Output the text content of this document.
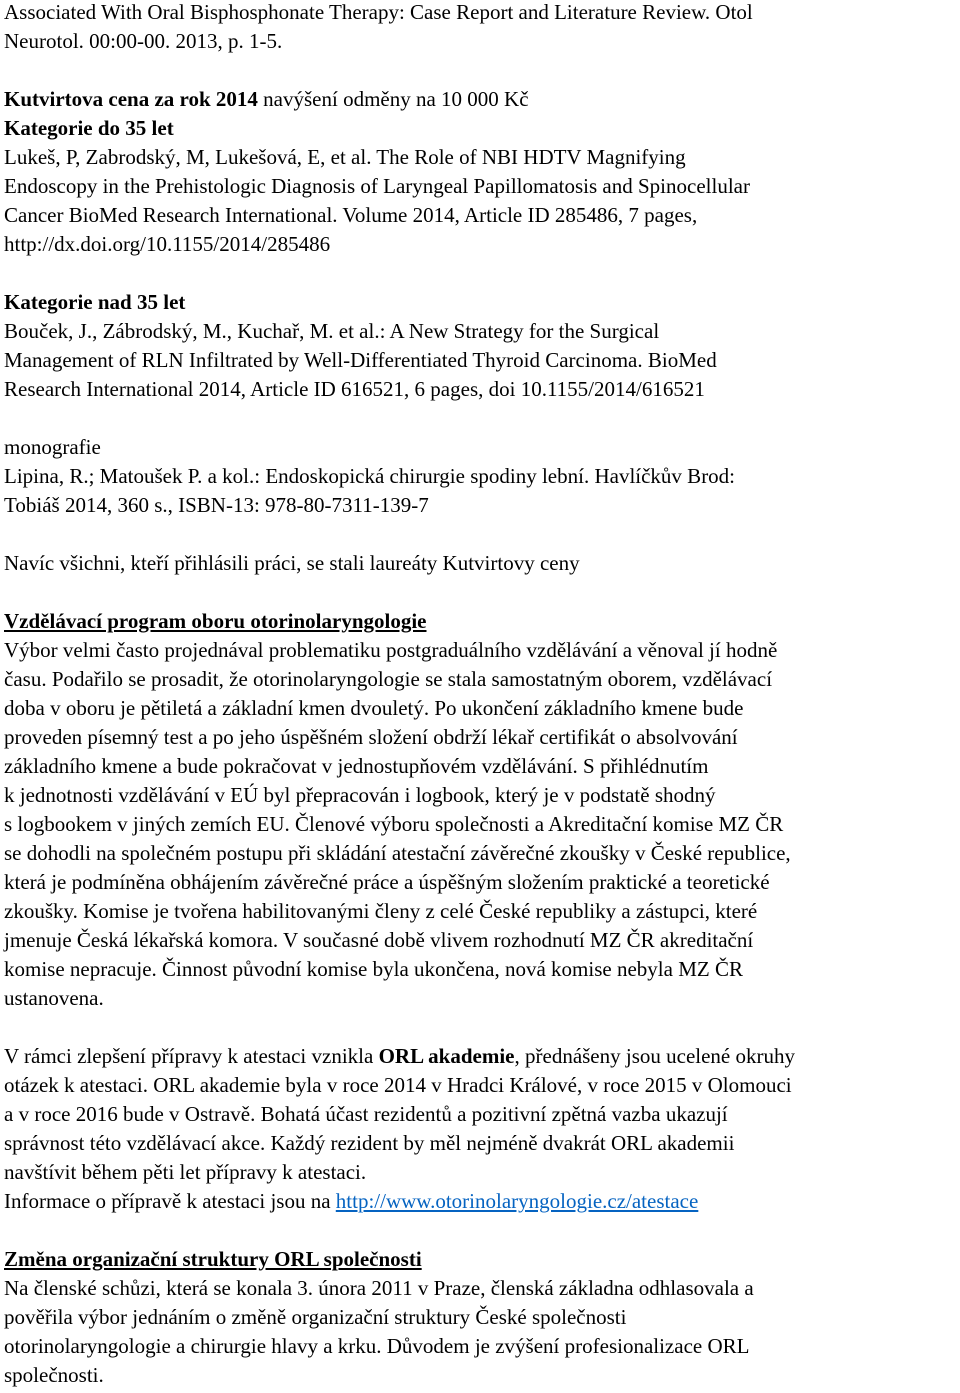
Associated With Oral Bisphosphonate Therapy: Case Report and Literature Review. Otol
Neurotol. 00:00-00. 2013, p. 1-5.
Kutvirtova cena za rok 2014 navýšení odměny na 10 000 Kč
Kategorie do 35 let
Lukeš, P, Zabrodský, M, Lukešová, E, et al. The Role of NBI HDTV Magnifying
Endoscopy in the Prehistologic Diagnosis of Laryngeal Papillomatosis and Spinocellular
Cancer BioMed Research International. Volume 2014, Article ID 285486, 7 pages,
http://dx.doi.org/10.1155/2014/285486
Kategorie nad 35 let
Bouček, J., Zábrodský, M., Kuchař, M. et al.: A New Strategy for the Surgical
Management of RLN Infiltrated by Well-Differentiated Thyroid Carcinoma. BioMed
Research International 2014, Article ID 616521, 6 pages, doi 10.1155/2014/616521
monografie
Lipina, R.; Matoušek P. a kol.: Endoskopická chirurgie spodiny lební. Havlíčkův Brod:
Tobiáš 2014, 360 s., ISBN-13: 978-80-7311-139-7
Navíc všichni, kteří přihlásili práci, se stali laureáty Kutvirtovy ceny
Vzdělávací program oboru otorinolaryngologie
Výbor velmi často projednával problematiku postgraduálního vzdělávání a věnoval jí hodně
času. Podařilo se prosadit, že otorinolaryngologie se stala samostatným oborem, vzdělávací
doba v oboru je pětiletá a základní kmen dvouletý. Po ukončení základního kmene bude
proveden písemný test a po jeho úspěšném složení obdrží lékař certifikát o absolvování
základního kmene a bude pokračovat v jednostupňovém vzdělávání. S přihlédnutím
k jednotnosti vzdělávání v EÚ byl přepracován i logbook, který je v podstatě shodný
s logbookem v jiných zemích EU. Členové výboru společnosti a Akreditační komise MZ ČR
se dohodli na společném postupu při skládání atestační závěrečné zkoušky v České republice,
která je podmíněna obhájením závěrečné práce a úspěšným složením praktické a teoretické
zkoušky. Komise je tvořena habilitovanými členy z celé České republiky a zástupci, které
jmenuje Česká lékařská komora. V současné době vlivem rozhodnutí MZ ČR akreditační
komise nepracuje. Činnost původní komise byla ukončena, nová komise nebyla MZ ČR
ustanovena.
V rámci zlepšení přípravy k atestaci vznikla ORL akademie, přednášeny jsou ucelené okruhy
otázek k atestaci. ORL akademie byla v roce 2014 v Hradci Králové, v roce 2015 v Olomouci
a v roce 2016 bude v Ostravě. Bohatá účast rezidentů a pozitivní zpětná vazba ukazují
správnost této vzdělávací akce. Každý rezident by měl nejméně dvakrát ORL akademii
navštívit během pěti let přípravy k atestaci.
Informace o přípravě k atestaci jsou na http://www.otorinolaryngologie.cz/atestace
Změna organizační struktury ORL společnosti
Na členské schůzi, která se konala 3. února 2011 v Praze, členská základna odhlasovala a
pověřila výbor jednáním o změně organizační struktury České společnosti
otorinolaryngologie a chirurgie hlavy a krku. Důvodem je zvýšení profesionalizace ORL
společnosti.
